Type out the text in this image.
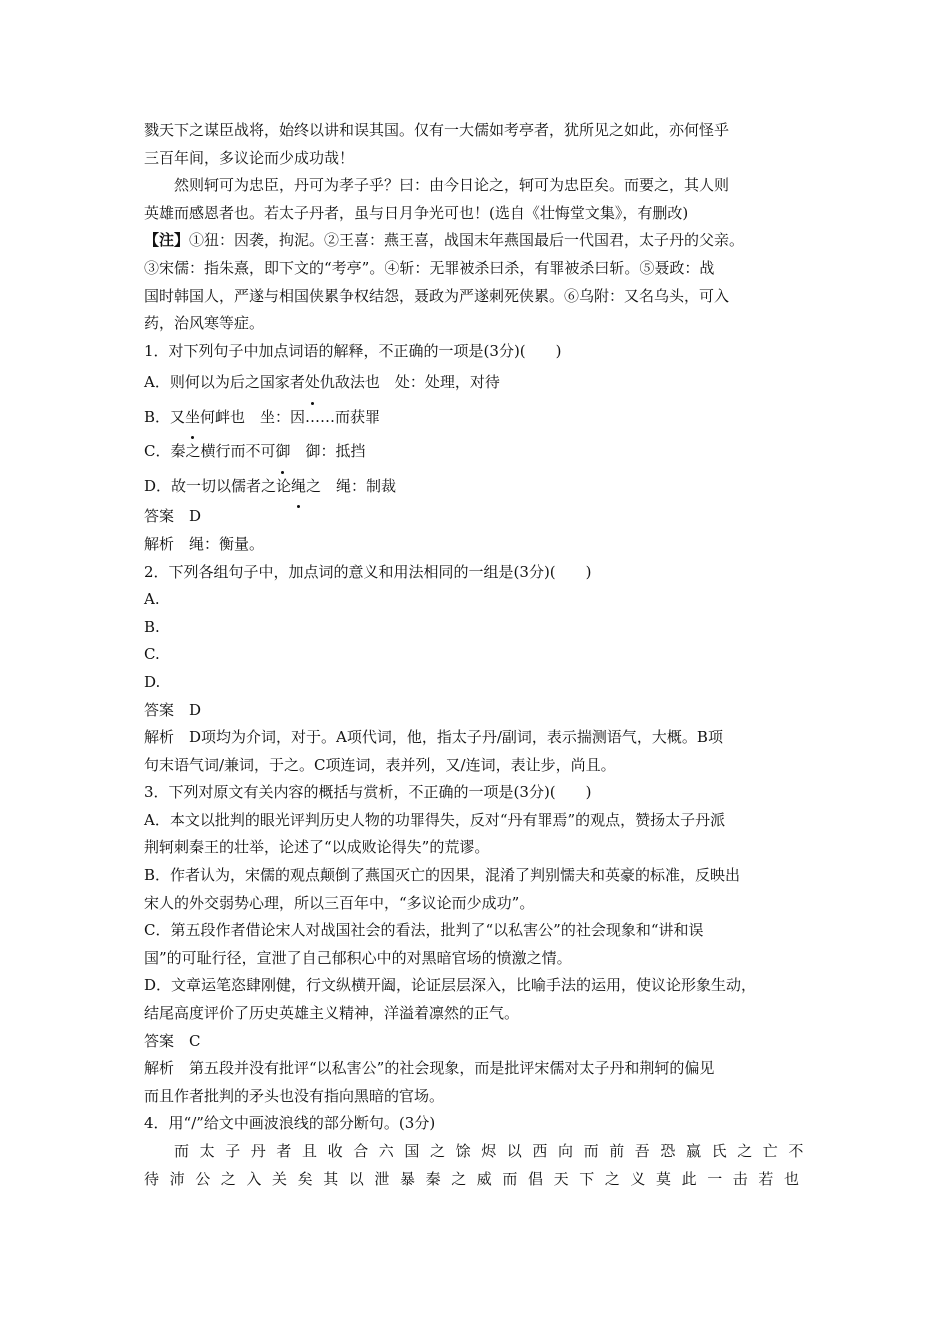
戮天下之谋臣战将，始终以讲和误其国。仅有一大儒如考亭者，犹所见之如此，亦何怪乎
三百年间，多议论而少成功哉！

然则轲可为忠臣，丹可为孝子乎？曰：由今日论之，轲可为忠臣矣。而要之，其人则
英雄而感恩者也。若太子丹者，虽与日月争光可也！(选自《壮悔堂文集》，有删改)

【注】①狃：因袭，拘泥。②王喜：燕王喜，战国末年燕国最后一代国君，太子丹的父亲。
③宋儒：指朱熹，即下文的“考亭”。④斩：无罪被杀曰杀，有罪被杀曰斩。⑤聂政：战
国时韩国人，严遂与相国侠累争权结怨，聂政为严遂刺死侠累。⑥乌附：又名乌头，可入
药，治风寒等症。

1．对下列句子中加点词语的解释，不正确的一项是(3分)(　　)

A．则何以为后之国家者处仇敌法也　处：处理，对待

B．又坐何衅也　坐：因……而获罪

C．秦之横行而不可御　御：抵挡

D．故一切以儒者之论绳之　绳：制裁

答案　D

解析　绳：衡量。

2．下列各组句子中，加点词的意义和用法相同的一组是(3分)(　　)

A.

B.

C.

D.

答案　D

解析　D项均为介词，对于。A项代词，他，指太子丹/副词，表示揣测语气，大概。B项
句末语气词/兼词，于之。C项连词，表并列，又/连词，表让步，尚且。

3．下列对原文有关内容的概括与赏析，不正确的一项是(3分)(　　)

A．本文以批判的眼光评判历史人物的功罪得失，反对“丹有罪焉”的观点，赞扬太子丹派
荆轲刺秦王的壮举，论述了“以成败论得失”的荒谬。

B．作者认为，宋儒的观点颠倒了燕国灭亡的因果，混淆了判别懦夫和英豪的标准，反映出
宋人的外交弱势心理，所以三百年中，“多议论而少成功”。

C．第五段作者借论宋人对战国社会的看法，批判了“以私害公”的社会现象和“讲和误
国”的可耻行径，宣泄了自己郁积心中的对黑暗官场的愤激之情。

D．文章运笔恣肆刚健，行文纵横开阖，论证层层深入，比喻手法的运用，使议论形象生动，
结尾高度评价了历史英雄主义精神，洋溢着凛然的正气。

答案　C

解析　第五段并没有批评“以私害公”的社会现象，而是批评宋儒对太子丹和荆轲的偏见
而且作者批判的矛头也没有指向黑暗的官场。

4．用“/”给文中画波浪线的部分断句。(3分)

而太子丹者且收合六国之馀烬以西向而前吾恐嬴氏之亡不

待沛公之入关矣其以泄暴秦之威而倡天下之义莫此一击若也
